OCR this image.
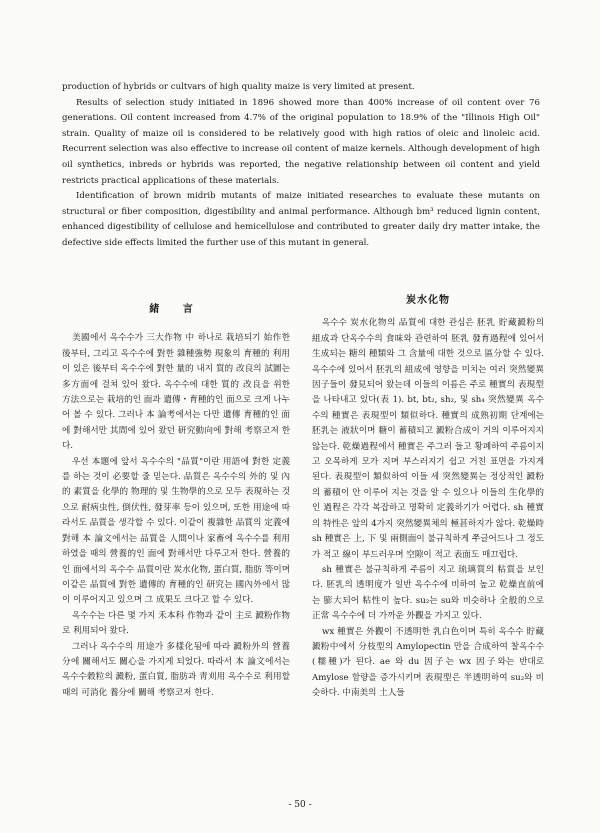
production of hybrids or cultvars of high quality maize is very limited at present.

Results of selection study initiated in 1896 showed more than 400% increase of oil content over 76 generations. Oil content increased from 4.7% of the original population to 18.9% of the "Illinois High Oil" strain. Quality of maize oil is considered to be relatively good with high ratios of oleic and linoleic acid. Recurrent selection was also effective to increase oil content of maize kernels. Although development of high oil synthetics, inbreds or hybrids was reported, the negative relationship between oil content and yield restricts practical applications of these materials.

Identification of brown midrib mutants of maize initiated researches to evaluate these mutants on structural or fiber composition, digestibility and animal performance. Although bm³ reduced lignin content, enhanced digestibility of cellulose and hemicellulose and contributed to greater daily dry matter intake, the defective side effects limited the further use of this mutant in general.

緒 言

美國에서 옥수수가 三大作物 中 하나로 栽培되기 始作한 後부터, 그리고 옥수수에 對한 雜種強勢 現象의 育種的 利用이 있은 後부터 옥수수에 對한 量的 내지 質的 改良의 試圖는 多方面에 걸쳐 있어 왔다. 옥수수에 대한 質的 改良을 위한 方法으로는 栽培的인 面과 遺傳・育種的인 面으로 크게 나누어 볼 수 있다. 그러나 本 論考에서는 다만 遺傳 育種的인 面에 對해서만 其間에 있어 왔던 研究動向에 對해 考察코저 한다.

우선 本題에 앞서 옥수수의 "品質"이란 用語에 對한 定義를 하는 것이 必要할 줄 믿는다. 品質은 옥수수의 外的 및 內的 素質을 化學的 物理的 및 生物學的으로 모두 表現하는 것으로 耐病虫性, 倒伏性, 發芽率 등이 있으며, 또한 用途에 따라서도 品質을 생각할 수 있다. 이같이 複雜한 品質의 定義에 對해 本 論文에서는 品質을 人間이나 家畜에 옥수수를 利用하였을 때의 營養的인 面에 對해서만 다루고저 한다. 營養的인 面에서의 옥수수 品質이란 炭水化物, 蛋白質, 脂肪 等이며 이같은 品質에 對한 遺傳的 育種的인 研究는 國內外에서 많이 이루어지고 있으며 그 成果도 크다고 할 수 있다.

옥수수는 다른 몇 가지 禾本科 作物과 같이 主로 澱粉作物로 利用되어 왔다.

그러나 옥수수의 用途가 多樣化됨에 따라 澱粉外의 營養分에 關해서도 關心을 가지게 되었다. 따라서 本 論文에서는 옥수수穀粒의 澱粉, 蛋白質, 脂肪과 靑刈用 옥수수로 利用할 때의 可消化 養分에 關해 考察코저 한다.

炭水化物

옥수수 炭水化物의 品質에 대한 관심은 胚乳 貯藏澱粉의 組成과 단옥수수의 食味와 관련하여 胚乳 發育過程에 있어서 生成되는 糖의 種類와 그 含量에 대한 것으로 區分할 수 있다. 옥수수에 있어서 胚乳의 組成에 영향을 미치는 여러 突然變異因子들이 發見되어 왔는데 이들의 이름은 주로 種實의 表現型을 나타내고 있다(表 1). bt, bt₂, sh₂, 및 sh₄ 突然變異 옥수수의 種實은 表現型이 類似하다. 種實의 成熟初期 단계에는 胚乳는 液狀이며 糖이 蓄積되고 澱粉合成이 거의 이루어지지 않는다. 乾燥過程에서 種實은 주그러 들고 황폐하여 주름이지고 오목하게 모가 지며 부스러지기 쉽고 거친 표면을 가지게 된다. 表現型이 類似하여 이들 세 突然變異는 정상적인 澱粉의 蓄積이 안 이루어 지는 것을 알 수 있으나 이들의 生化學的인 過程은 각각 복잡하고 명확히 定義하기가 어렵다. sh 種實의 特性은 앞의 4가지 突然變異체의 極甚하지가 않다. 乾燥時 sh 種實은 上, 下 및 兩側面이 불규칙하게 쭈글어드나 그 정도가 적고 線이 부드러우며 空隙이 적고 表面도 매끄럽다.

sh 種實은 불규칙하게 주름이 지고 琉璃質의 粘質을 보인다. 胚乳의 透明度가 일반 옥수수에 비하여 높고 乾燥直前에는 膨大되어 粘性이 높다. su₂는 su와 비슷하나 全般的으로 正常 옥수수에 더 가까운 外觀을 가지고 있다.

wx 種實은 外觀이 不透明한 乳白色이며 특히 옥수수 貯藏澱粉中에서 分枝型의 Amylopectin 만을 合成하여 찰옥수수(糯種)가 된다. ae 와 du 因子는 wx 因子와는 반대로 Amylose 함량을 증가시키며 表現型은 半透明하여 su₂와 비슷하다. 中南美의 土人들

- 50 -
